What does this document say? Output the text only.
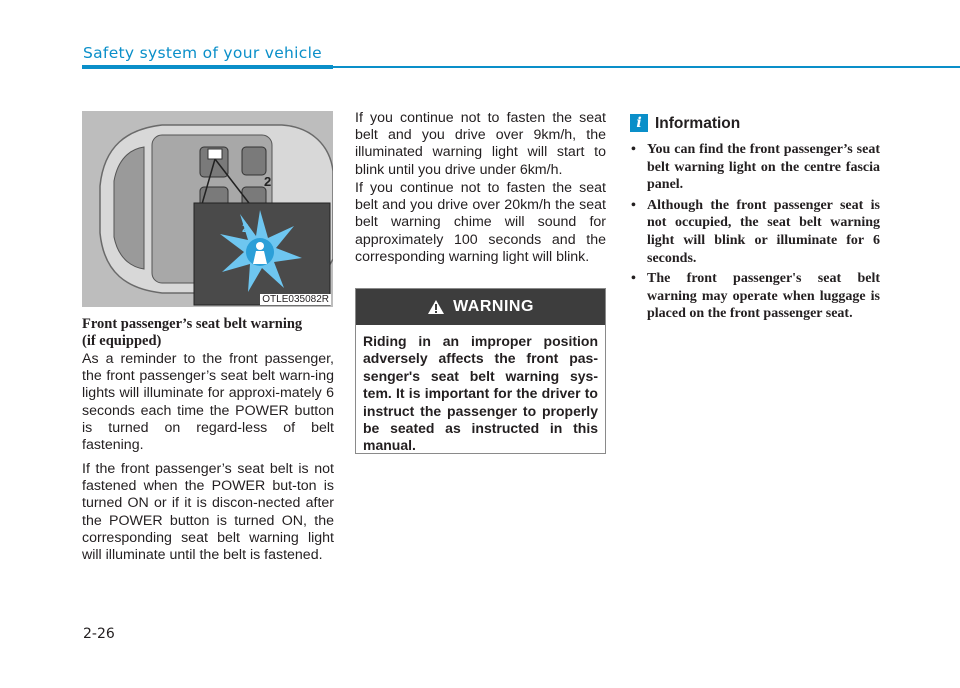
Safety system of your vehicle
2
2
OTLE035082R
Front passenger’s seat belt warning
(if equipped)

As a reminder to the front passenger, the front passenger’s seat belt warn-ing lights will illuminate for approxi-mately 6 seconds each time the POWER button is turned on regard-less of belt fastening.

If the front passenger’s seat belt is not fastened when the POWER but-ton is turned ON or if it is discon-nected after the POWER button is turned ON, the corresponding seat belt warning light will illuminate until the belt is fastened.

If you continue not to fasten the seat belt and you drive over 9km/h, the illuminated warning light will start to blink until you drive under 6km/h.

If you continue not to fasten the seat belt and you drive over 20km/h the seat belt warning chime will sound for approximately 100 seconds and the corresponding warning light will blink.

WARNING
Riding in an improper position adversely affects the front pas-senger's seat belt warning sys-tem. It is important for the driver to instruct the passenger to properly be seated as instructed in this manual.
i Information
• You can find the front passenger’s seat belt warning light on the centre fascia panel.
• Although the front passenger seat is not occupied, the seat belt warning light will blink or illuminate for 6 seconds.
• The front passenger's seat belt warning may operate when luggage is placed on the front passenger seat.
2-26
